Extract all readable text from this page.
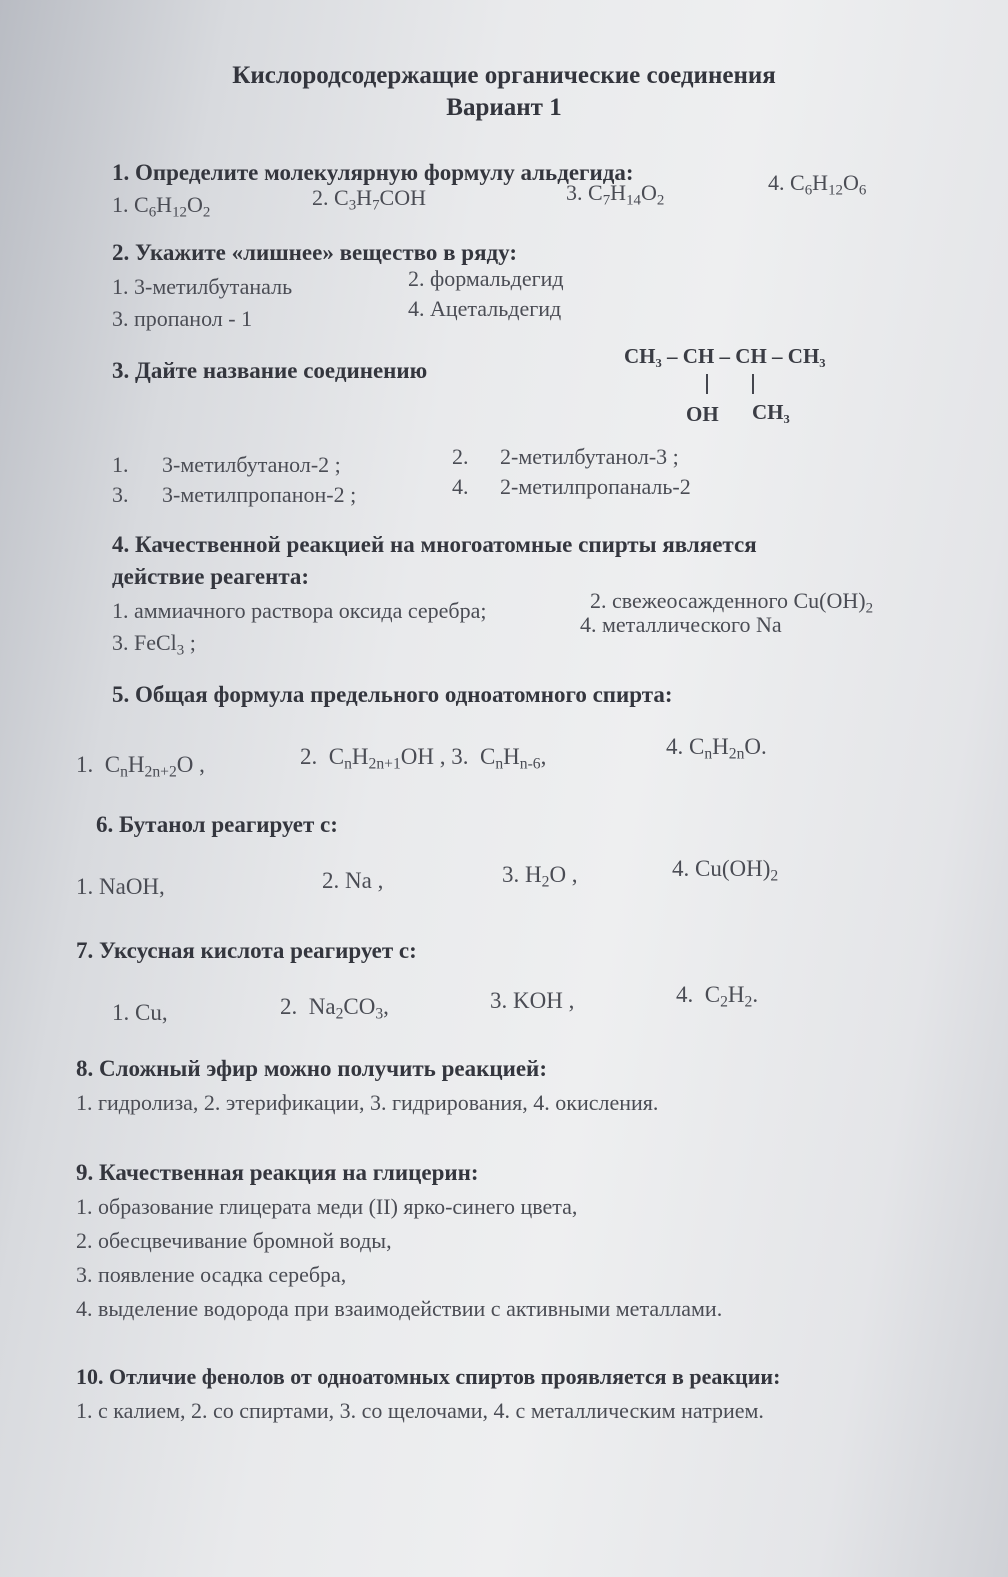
Кислородсодержащие органические соединения
Вариант 1
1. Определите молекулярную формулу альдегида:
1. $C_6H_{12}O_2$
2. $C_3H_7COH$	3. $C_7H_{14}O_2$
4. $C_6H_{12}O_6$
2. Укажите «лишнее» вещество в ряду:
1. 3-метилбутаналь	2. формальдегид
3. пропанол - 1	4. Ацетальдегид
3. Дайте название соединению
CH₃ – CH – CH – CH₃
OH CH₃
1. 3-метилбутанол-2 ;	2. 2-метилбутанол-3 ;
3. 3-метилпропанон-2 ;	4. 2-метилпропаналь-2
4. Качественной реакцией на многоатомные спирты является
действие реагента:
1. аммиачного раствора оксида серебра;	2. свежеосажденного $Cu(OH)_2$
3. FeCl$_3$ ;
4. металлического Na
5. Общая формула предельного одноатомного спирта:
1.  $C_nH_{2n+2}O$ ,	2.  $C_nH_{2n+1}OH$ , 3.  $C_nH_{n-6}$,	4. $C_nH_{2n}O$.
6. Бутанол реагирует с:
1. NaOH,	2. Na ,	3. $H_2O$ ,	4. $Cu(OH)_2$
7. Уксусная кислота реагирует с:
1. Cu,	2.  $Na_2CO_3$,	3. KOH ,	4.  $C_2H_2$.
8. Сложный эфир можно получить реакцией:
1. гидролиза, 2. этерификации, 3. гидрирования, 4. окисления.
9. Качественная реакция на глицерин:
1. образование глицерата меди (II) ярко-синего цвета,
2. обесцвечивание бромной воды,
3. появление осадка серебра,
4. выделение водорода при взаимодействии с активными металлами.
10. Отличие фенолов от одноатомных спиртов проявляется в реакции:
1. с калием, 2. со спиртами, 3. со щелочами, 4. с металлическим натрием.
